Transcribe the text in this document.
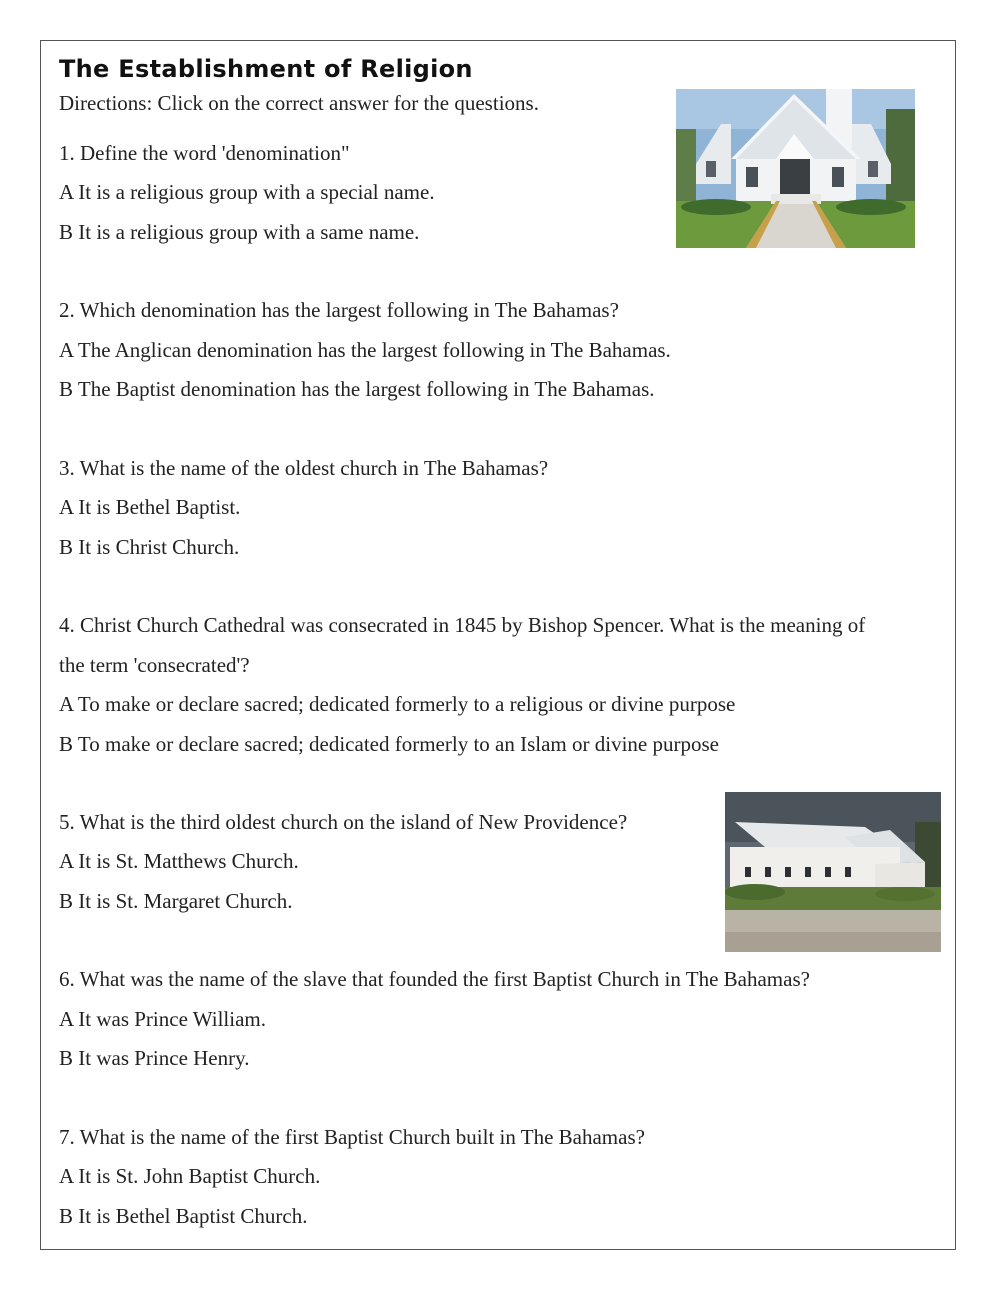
The Establishment of Religion

Directions: Click on the correct answer for the questions.

1. Define the word 'denomination"

A It is a religious group with a special name.

B It is a religious group with a same name.

2. Which denomination has the largest following in The Bahamas?

A The Anglican denomination has the largest following in The Bahamas.

B The Baptist denomination has the largest following in The Bahamas.

3. What is the name of the oldest church in The Bahamas?

A It is Bethel Baptist.

B It is Christ Church.

4. Christ Church Cathedral was consecrated in 1845 by Bishop Spencer. What is the meaning of

the term 'consecrated'?

A To make or declare sacred; dedicated formerly to a religious or divine purpose

B To make or declare sacred; dedicated formerly to an Islam or divine purpose

5. What is the third oldest church on the island of New Providence?

A It is St. Matthews Church.

B It is St. Margaret Church.

6. What was the name of the slave that founded the first Baptist Church in The Bahamas?

A It was Prince William.

B It was Prince Henry.

7. What is the name of the first Baptist Church built in The Bahamas?

A It is St. John Baptist Church.

B It is Bethel Baptist Church.
